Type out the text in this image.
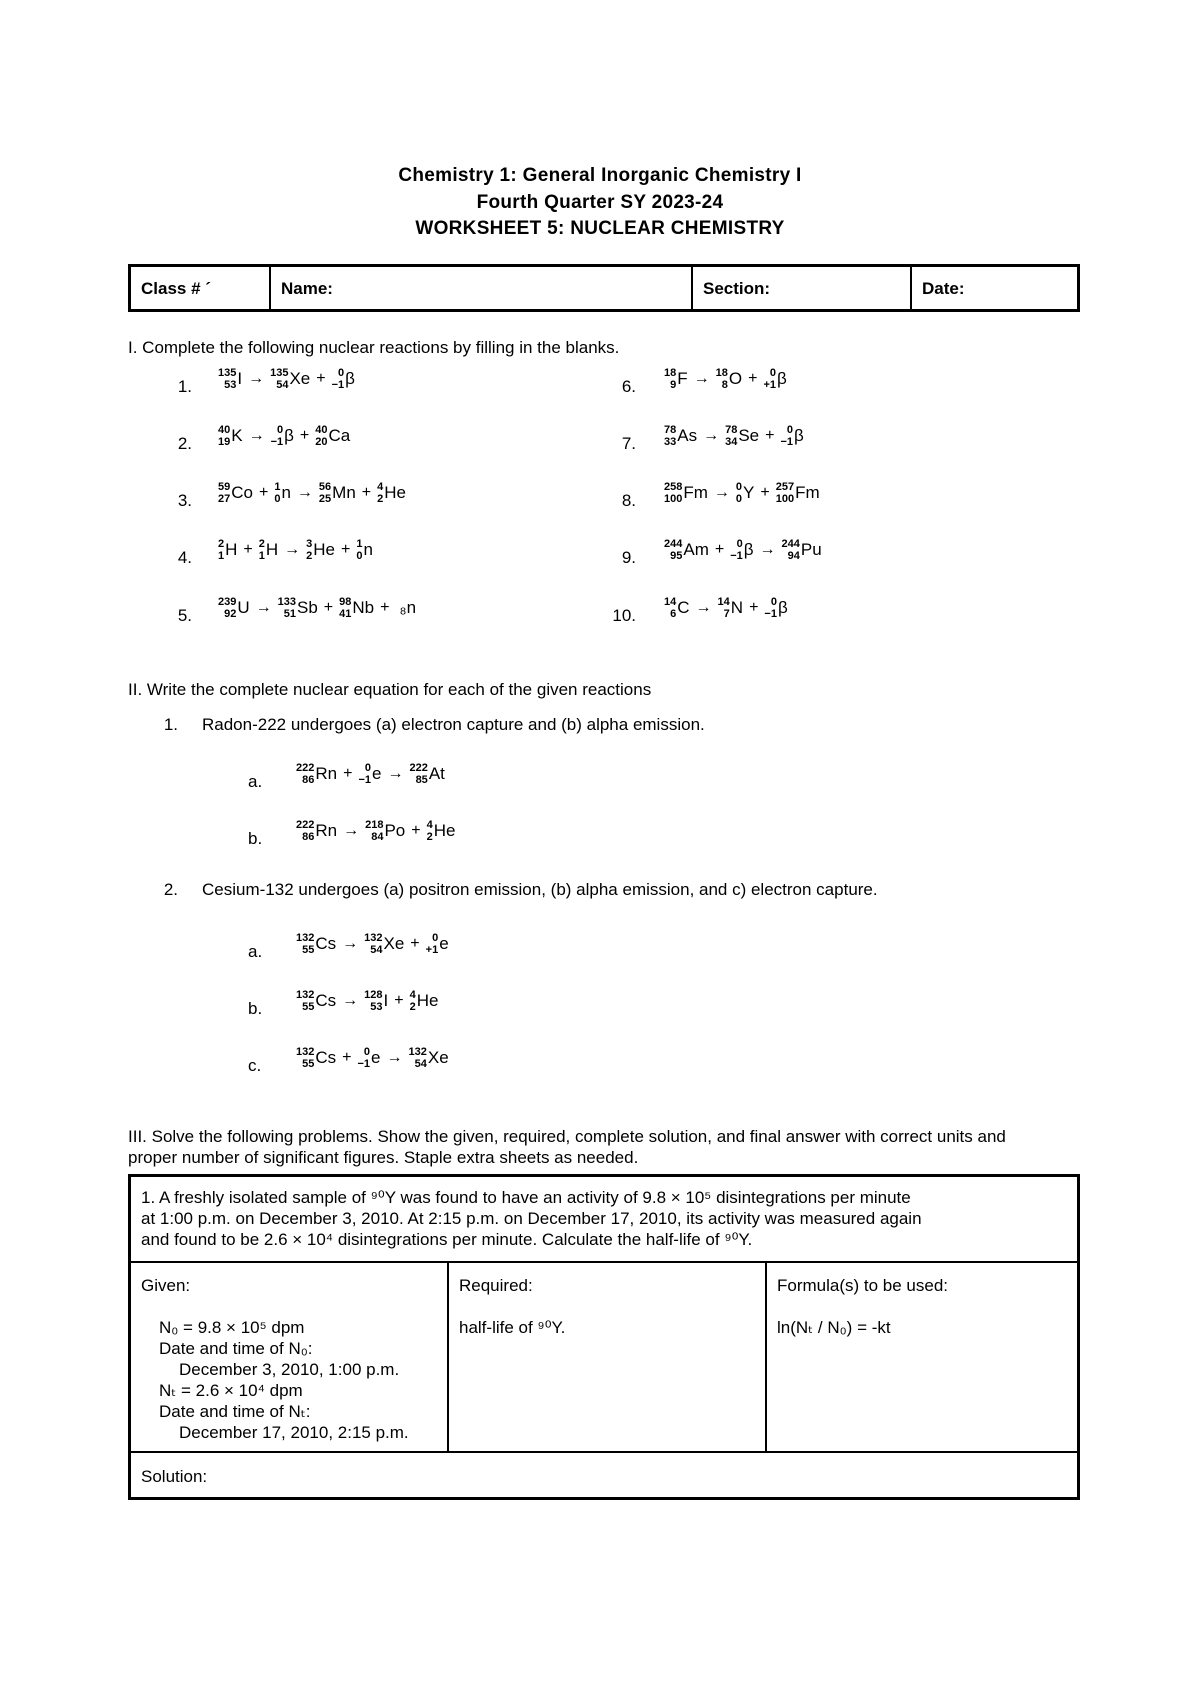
Chemistry 1: General Inorganic Chemistry I
Fourth Quarter SY 2023-24
WORKSHEET 5: NUCLEAR CHEMISTRY
Class # ´	Name:	Section:	Date:
I. Complete the following nuclear reactions by filling in the blanks.
1.
135
53 I → 135
54 Xe +	0
−1 β
2.
40
19 K →	0
−1 β + 40
20 Ca
3.
59
27 Co + 1
0 n → 56
25 Mn + 4
2 He
4.
2
1 H + 2
1 H → 3
2 He + 1
0 n
5.
239
92 U → 133
51 Sb + 98
41 Nb +

₈n
6.
18
9 F → 18
8 O +	0
+1 β
7.
78
33 As → 78
34 Se +	0
−1 β
8.
258
100 Fm → 0
0 Y + 257
100 Fm
9.
244
95 Am +	0
−1 β → 244
94 Pu
10.
14
6 C → 14
7 N +	0
−1 β
II. Write the complete nuclear equation for each of the given reactions
1. Radon-222 undergoes (a) electron capture and (b) alpha emission.
a.
222
86 Rn +	0
−1 e → 222
85 At
b.
222
86 Rn → 218
84 Po + 4
2 He
2. Cesium-132 undergoes (a) positron emission, (b) alpha emission, and c) electron capture.
a.
132
55 Cs → 132
54 Xe +	0
+1 e
b.
132
55 Cs → 128
53 I + 4
2 He
c.
132
55 Cs +	0
−1 e → 132
54 Xe
III. Solve the following problems. Show the given, required, complete solution, and final answer with correct units and
proper number of significant figures. Staple extra sheets as needed.
1. A freshly isolated sample of ⁹⁰Y was found to have an activity of 9.8 × 10⁵ disintegrations per minute
at 1:00 p.m. on December 3, 2010. At 2:15 p.m. on December 17, 2010, its activity was measured again
and found to be 2.6 × 10⁴ disintegrations per minute. Calculate the half-life of ⁹⁰Y.
Given:
N₀ = 9.8 × 10⁵ dpm
Date and time of N₀:
December 3, 2010, 1:00 p.m.
Nₜ = 2.6 × 10⁴ dpm
Date and time of Nₜ:
December 17, 2010, 2:15 p.m.
Required:
half-life of ⁹⁰Y.
Formula(s) to be used:
ln(Nₜ / N₀) = -kt
Solution:
